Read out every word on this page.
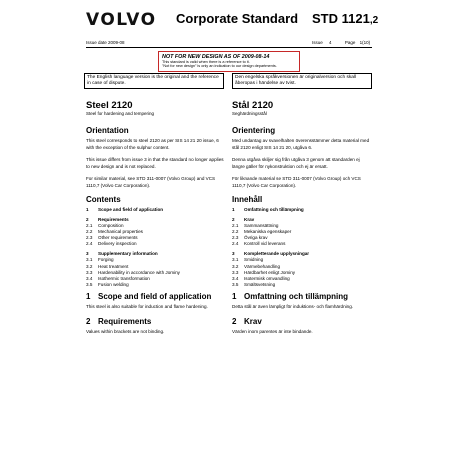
VOLVO Corporate Standard STD 1121,2
Issue date 2009-08	Issue 4	Page 1(10)
NOT FOR NEW DESIGN AS OF 2009-08-14
This standard is valid when there is a reference to it.
"Not for new design" is only an indication to our design departments.
The English language version is the original and the reference in case of dispute.
Den engelska språkversionen är originalversion och skall åberopas i händelse av tvist.
Steel 2120
Steel for hardening and tempering
Orientation

This steel corresponds to steel 2120 as per SIS 14 21 20 issue, 6 with the exception of the sulphur content.

This issue differs from issue 3 in that the standard no longer applies to new design and is not replaced.

For similar material, see STD 311-0007 (Volvo Group) and VCS 1110,7 (Volvo Car Corporation).

Contents
1	Scope and field of application
2	Requirements
2.1	Composition
2.2	Mechanical properties
2.3	Other requirements
2.4	Delivery inspection
3	Supplementary information
3.1	Forging
3.2	Heat treatment
3.3	Hardenability in accordance with Jominy
3.4	Isothermic transformation
3.5	Fusion welding
1 Scope and field of application

This steel is also suitable for induction and flame hardening.

2 Requirements

Values within brackets are not binding.

Stål 2120
Seghärdningsstål
Orientering

Med undantag av svavelhalten överensstämmer detta material med stål 2120 enligt SIS 14 21 20, utgåva 6.

Denna utgåva skiljer sig från utgåva 3 genom att standarden ej längre gäller för nykonstruktion och ej är ersatt.

För liknande material se STD 311-0007 (Volvo Group) och VCS 1110,7 (Volvo Car Corporation).

Innehåll
1	Omfattning och tillämpning
2	Krav
2.1	Sammansättning
2.2	Mekaniska egenskaper
2.3	Övriga krav
2.4	Kontroll vid leverans
3	Kompletterande upplysningar
3.1	Smidning
3.2	Värmebehandling
3.3	Härdbarhet enligt Jominy
3.4	Isotermisk omvandling
3.5	Smältsvetsning
1 Omfattning och tillämpning

Detta stål är även lämpligt för induktions- och flamhärdning.

2 Krav

Värden inom parentes är inte bindande.
